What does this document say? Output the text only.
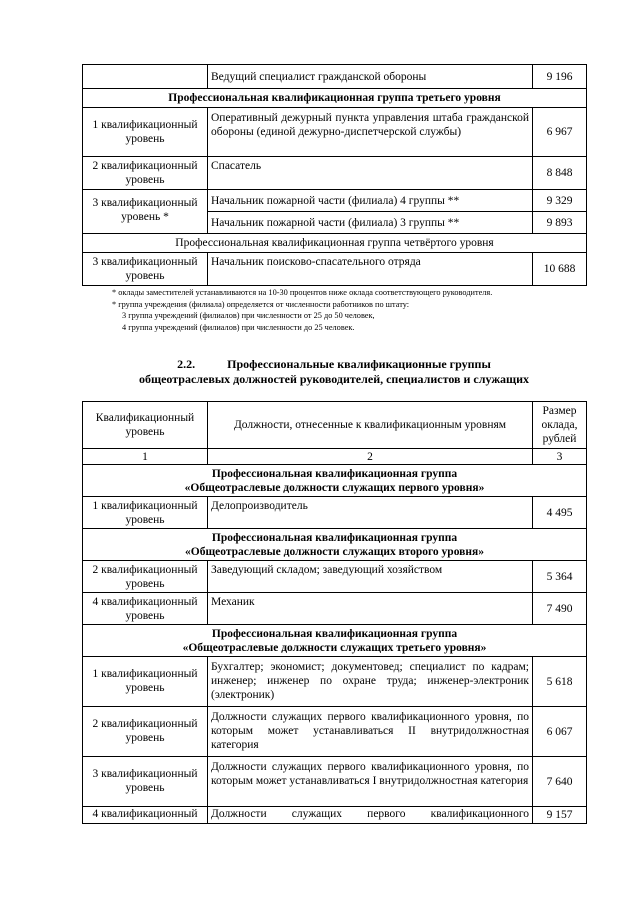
	Ведущий специалист гражданской обороны	9 196
Профессиональная квалификационная группа третьего уровня		
1 квалификационный уровень	Оперативный дежурный пункта управления штаба гражданской обороны (единой дежурно-диспетчерской службы)	6 967
2 квалификационный уровень	Спасатель	8 848
3 квалификационный уровень *	Начальник пожарной части (филиала) 4 группы **	9 329
	Начальник пожарной части (филиала) 3 группы **	9 893
Профессиональная квалификационная группа четвёртого уровня		
3 квалификационный уровень	Начальник поисково-спасательного отряда	10 688

* оклады заместителей устанавливаются на 10-30 процентов ниже оклада соответствующего руководителя.

* группа учреждения (филиала) определяется от численности работников по штату:

3 группа учреждений (филиалов) при численности от 25 до 50 человек,

4 группа учреждений (филиалов) при численности до 25 человек.

2.2.	Профессиональные квалификационные группы
общеотраслевых должностей руководителей, специалистов и служащих
Квалификационный уровень	Должности, отнесенные к квалификационным уровням	Размер оклада, рублей
1	2	3

Профессиональная квалификационная группа
«Общеотраслевые должности служащих первого уровня»		

1 квалификационный уровень	Делопроизводитель	4 495

Профессиональная квалификационная группа
«Общеотраслевые должности служащих второго уровня»		

2 квалификационный уровень	Заведующий складом; заведующий хозяйством	5 364
4 квалификационный уровень	Механик	7 490

Профессиональная квалификационная группа
«Общеотраслевые должности служащих третьего уровня»		

1 квалификационный уровень	Бухгалтер; экономист; документовед; специалист по кадрам; инженер; инженер по охране труда; инженер-электроник (электроник)	5 618
2 квалификационный уровень	Должности служащих первого квалификационного уровня, по которым может устанавливаться II внутридолжностная категория	6 067
3 квалификационный уровень	Должности служащих первого квалификационного уровня, по которым может устанавливаться I внутридолжностная категория	7 640
4 квалификационный	Должности служащих первого квалификационного	9 157
